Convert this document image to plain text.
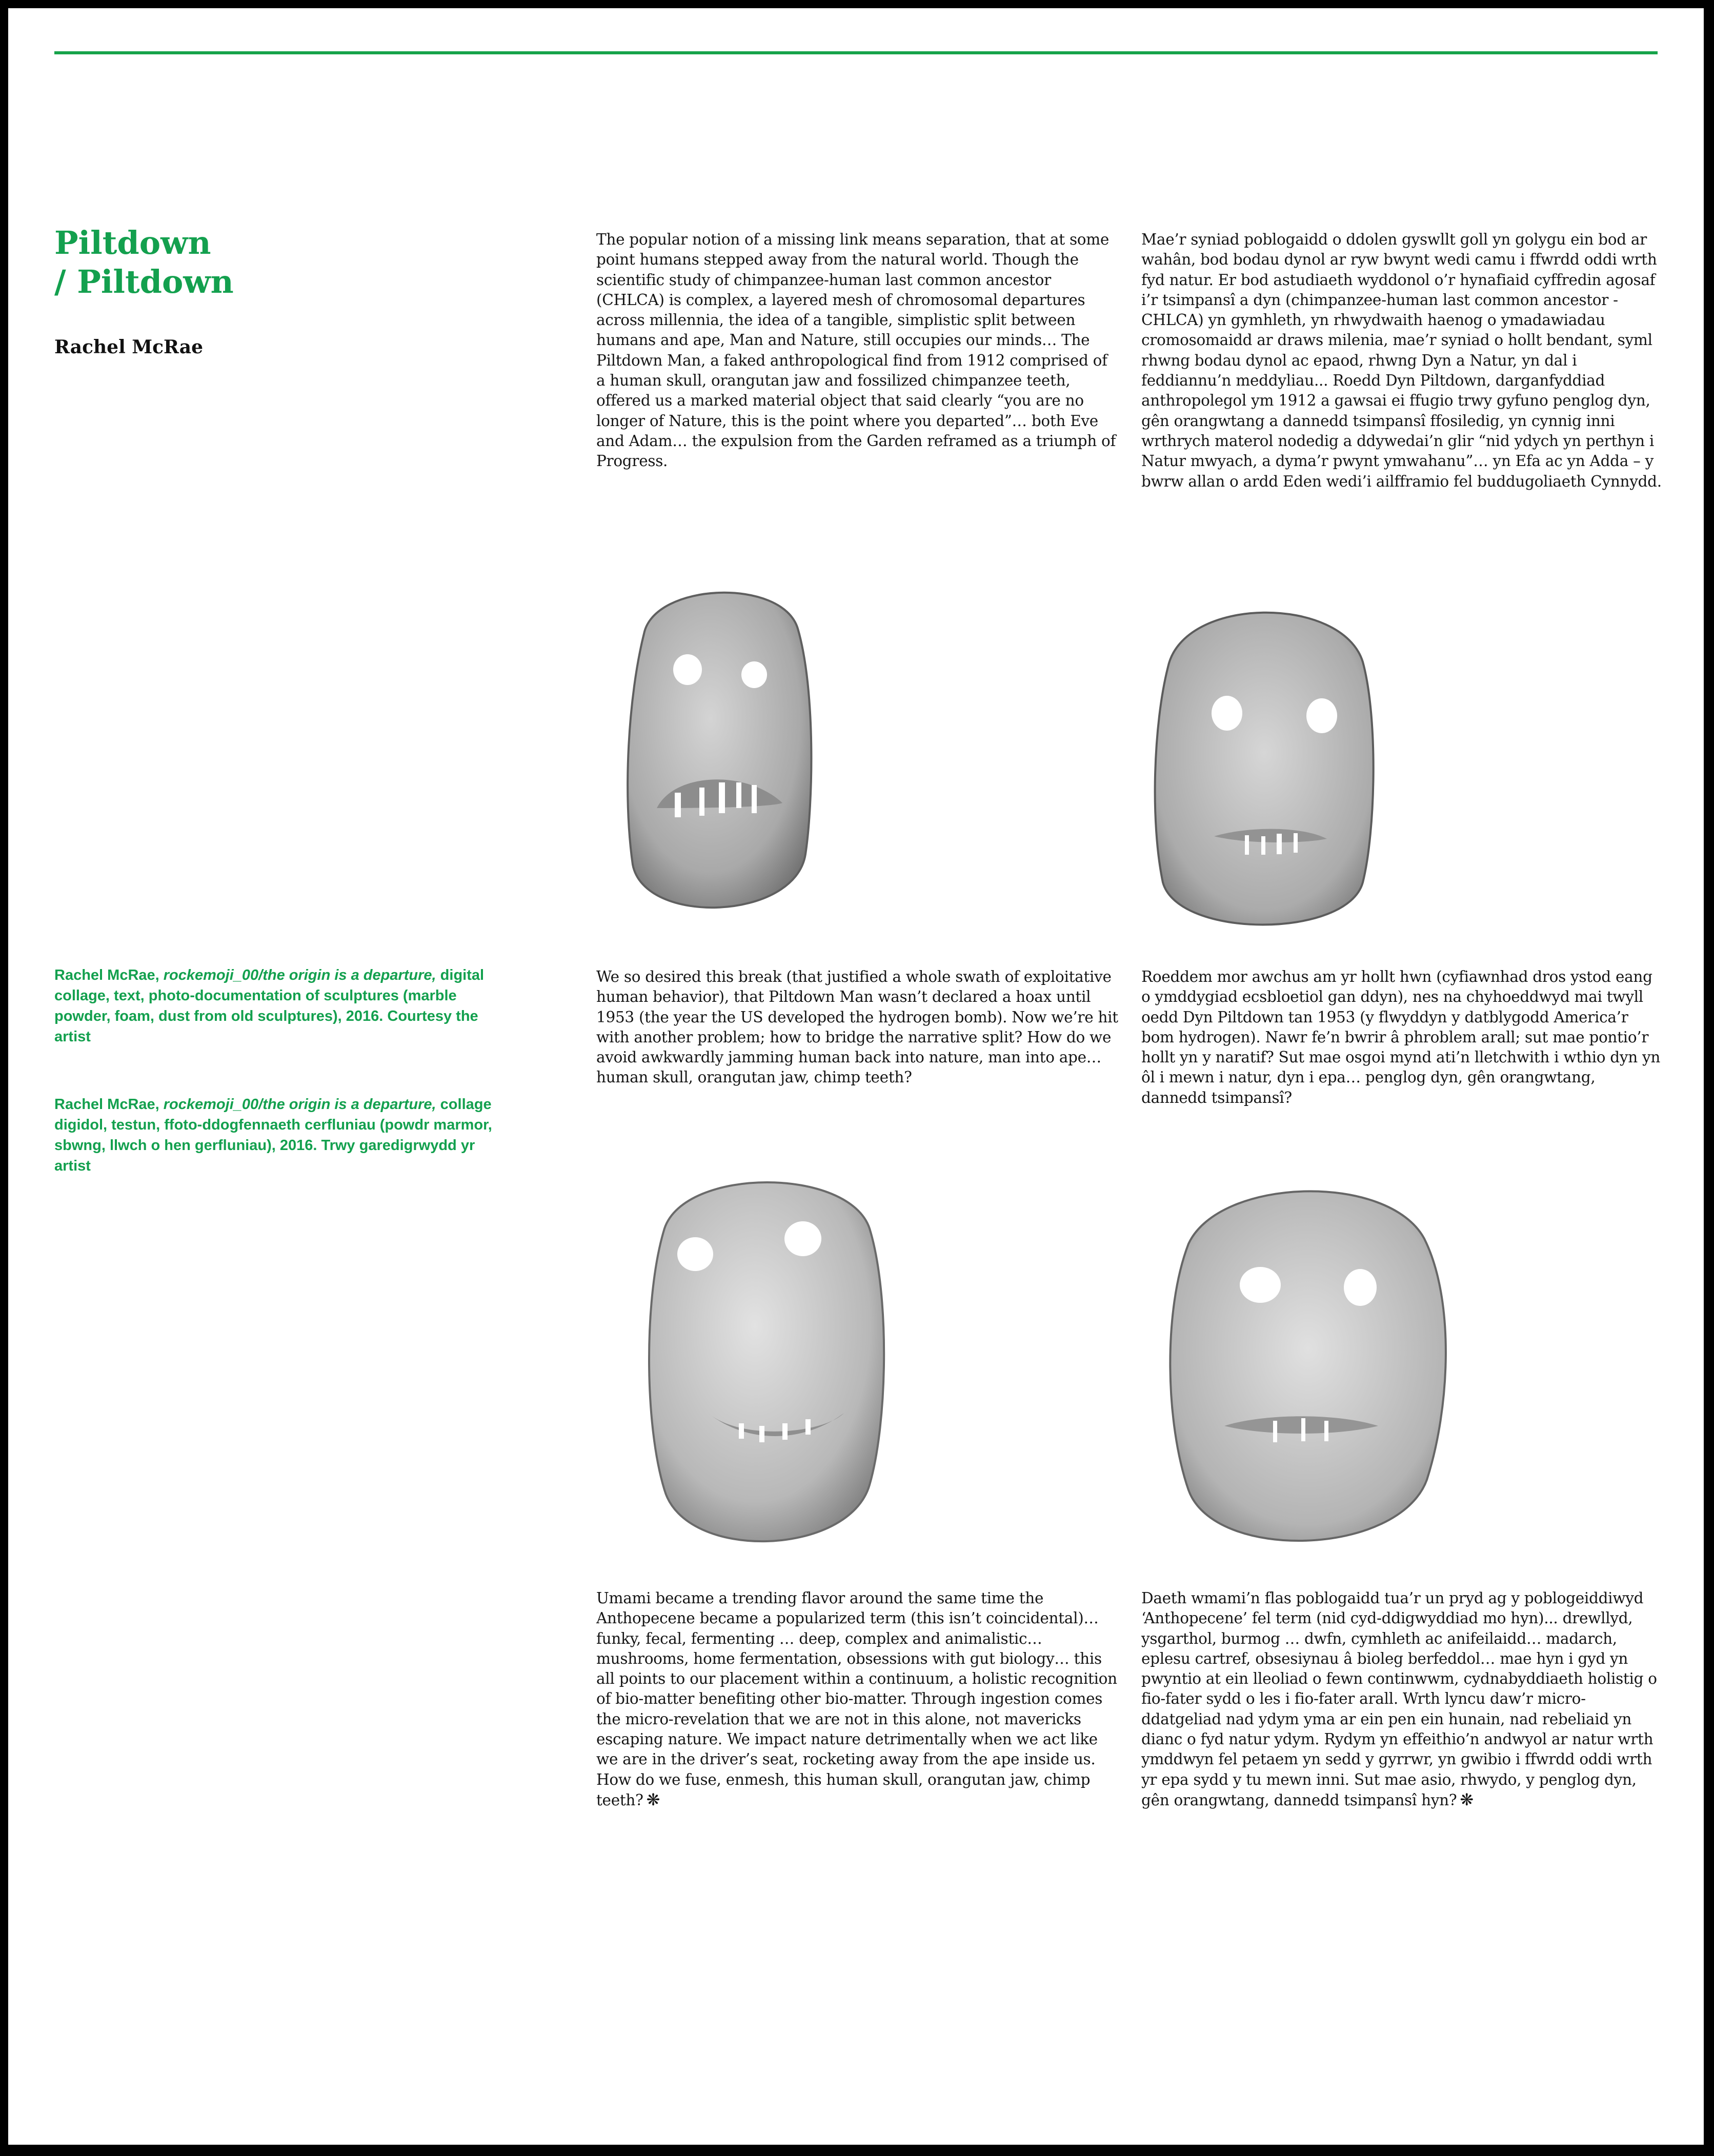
Piltdown
/ Piltdown

Rachel McRae

Rachel McRae, rockemoji_00/the origin is a departure, digital collage, text, photo-documentation of sculptures (marble powder, foam, dust from old sculptures), 2016. Courtesy the artist

Rachel McRae, rockemoji_00/the origin is a departure, collage digidol, testun, ffoto-ddogfennaeth cerfluniau (powdr marmor, sbwng, llwch o hen gerfluniau), 2016. Trwy garedigrwydd yr artist

The popular notion of a missing link means separation, that at some point humans stepped away from the natural world. Though the scientific study of chimpanzee-human last common ancestor (CHLCA) is complex, a layered mesh of chromosomal departures across millennia, the idea of a tangible, simplistic split between humans and ape, Man and Nature, still occupies our minds… The Piltdown Man, a faked anthropological find from 1912 comprised of a human skull, orangutan jaw and fossilized chimpanzee teeth, offered us a marked material object that said clearly “you are no longer of Nature, this is the point where you departed”… both Eve and Adam… the expulsion from the Garden reframed as a triumph of Progress.

Mae’r syniad poblogaidd o ddolen gyswllt goll yn golygu ein bod ar wahân, bod bodau dynol ar ryw bwynt wedi camu i ffwrdd oddi wrth fyd natur. Er bod astudiaeth wyddonol o’r hynafiaid cyffredin agosaf i’r tsimpansî a dyn (chimpanzee-human last common ancestor - CHLCA) yn gymhleth, yn rhwydwaith haenog o ymadawiadau cromosomaidd ar draws milenia, mae’r syniad o hollt bendant, syml rhwng bodau dynol ac epaod, rhwng Dyn a Natur, yn dal i feddiannu’n meddyliau... Roedd Dyn Piltdown, darganfyddiad anthropolegol ym 1912 a gawsai ei ffugio trwy gyfuno penglog dyn, gên orangwtang a dannedd tsimpansî ffosiledig, yn cynnig inni wrthrych materol nodedig a ddywedai’n glir “nid ydych yn perthyn i Natur mwyach, a dyma’r pwynt ymwahanu”… yn Efa ac yn Adda – y bwrw allan o ardd Eden wedi’i ailfframio fel buddugoliaeth Cynnydd.

We so desired this break (that justified a whole swath of exploitative human behavior), that Piltdown Man wasn’t declared a hoax until 1953 (the year the US developed the hydrogen bomb). Now we’re hit with another problem; how to bridge the narrative split? How do we avoid awkwardly jamming human back into nature, man into ape… human skull, orangutan jaw, chimp teeth?

Roeddem mor awchus am yr hollt hwn (cyfiawnhad dros ystod eang o ymddygiad ecsbloetiol gan ddyn), nes na chyhoeddwyd mai twyll oedd Dyn Piltdown tan 1953 (y flwyddyn y datblygodd America’r bom hydrogen). Nawr fe’n bwrir â phroblem arall; sut mae pontio’r hollt yn y naratif? Sut mae osgoi mynd ati’n lletchwith i wthio dyn yn ôl i mewn i natur, dyn i epa… penglog dyn, gên orangwtang, dannedd tsimpansî?

Umami became a trending flavor around the same time the Anthopecene became a popularized term (this isn’t coincidental)… funky, fecal, fermenting … deep, complex and animalistic… mushrooms, home fermentation, obsessions with gut biology… this all points to our placement within a continuum, a holistic recognition of bio-matter benefiting other bio-matter. Through ingestion comes the micro-revelation that we are not in this alone, not mavericks escaping nature. We impact nature detrimentally when we act like we are in the driver’s seat, rocketing away from the ape inside us. How do we fuse, enmesh, this human skull, orangutan jaw, chimp teeth? ❋

Daeth wmami’n flas poblogaidd tua’r un pryd ag y poblogeiddiwyd ‘Anthopecene’ fel term (nid cyd-ddigwyddiad mo hyn)... drewllyd, ysgarthol, burmog … dwfn, cymhleth ac anifeilaidd… madarch, eplesu cartref, obsesiynau â bioleg berfeddol… mae hyn i gyd yn pwyntio at ein lleoliad o fewn continwwm, cydnabyddiaeth holistig o fio-fater sydd o les i fio-fater arall. Wrth lyncu daw’r micro-ddatgeliad nad ydym yma ar ein pen ein hunain, nad rebeliaid yn dianc o fyd natur ydym. Rydym yn effeithio’n andwyol ar natur wrth ymddwyn fel petaem yn sedd y gyrrwr, yn gwibio i ffwrdd oddi wrth yr epa sydd y tu mewn inni. Sut mae asio, rhwydo, y penglog dyn, gên orangwtang, dannedd tsimpansî hyn? ❋
